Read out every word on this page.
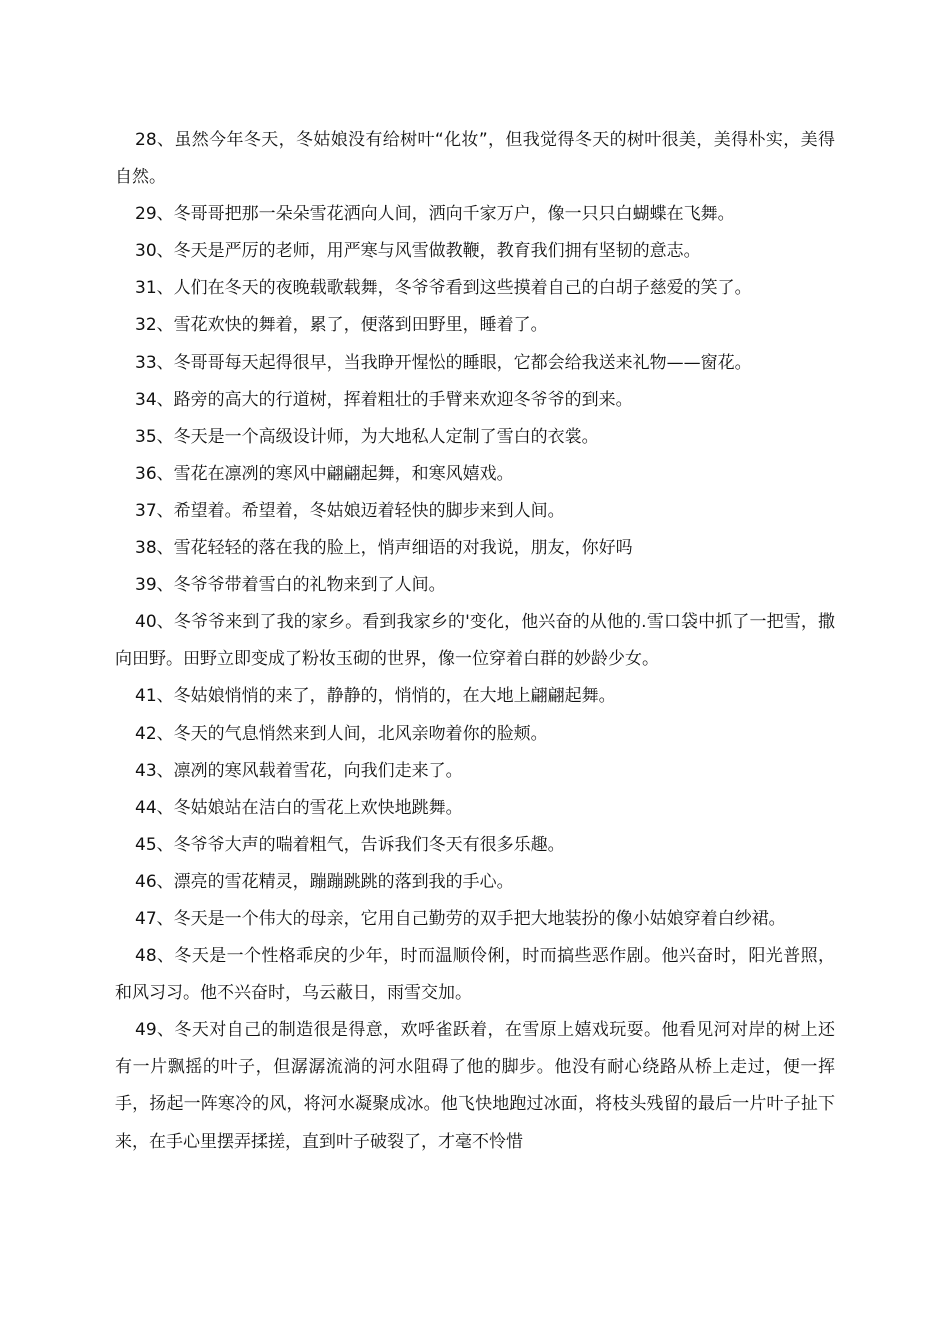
28、虽然今年冬天，冬姑娘没有给树叶“化妆”，但我觉得冬天的树叶很美，美得朴实，美得自然。

29、冬哥哥把那一朵朵雪花洒向人间，洒向千家万户，像一只只白蝴蝶在飞舞。

30、冬天是严厉的老师，用严寒与风雪做教鞭，教育我们拥有坚韧的意志。

31、人们在冬天的夜晚载歌载舞，冬爷爷看到这些摸着自己的白胡子慈爱的笑了。

32、雪花欢快的舞着，累了，便落到田野里，睡着了。

33、冬哥哥每天起得很早，当我睁开惺忪的睡眼，它都会给我送来礼物——窗花。

34、路旁的高大的行道树，挥着粗壮的手臂来欢迎冬爷爷的到来。

35、冬天是一个高级设计师，为大地私人定制了雪白的衣裳。

36、雪花在凛冽的寒风中翩翩起舞，和寒风嬉戏。

37、希望着。希望着，冬姑娘迈着轻快的脚步来到人间。

38、雪花轻轻的落在我的脸上，悄声细语的对我说，朋友，你好吗

39、冬爷爷带着雪白的礼物来到了人间。

40、冬爷爷来到了我的家乡。看到我家乡的'变化，他兴奋的从他的.雪口袋中抓了一把雪，撒向田野。田野立即变成了粉妆玉砌的世界，像一位穿着白群的妙龄少女。

41、冬姑娘悄悄的来了，静静的，悄悄的，在大地上翩翩起舞。

42、冬天的气息悄然来到人间，北风亲吻着你的脸颊。

43、凛冽的寒风载着雪花，向我们走来了。

44、冬姑娘站在洁白的雪花上欢快地跳舞。

45、冬爷爷大声的喘着粗气，告诉我们冬天有很多乐趣。

46、漂亮的雪花精灵，蹦蹦跳跳的落到我的手心。

47、冬天是一个伟大的母亲，它用自己勤劳的双手把大地装扮的像小姑娘穿着白纱裙。

48、冬天是一个性格乖戾的少年，时而温顺伶俐，时而搞些恶作剧。他兴奋时，阳光普照，和风习习。他不兴奋时，乌云蔽日，雨雪交加。

49、冬天对自己的制造很是得意，欢呼雀跃着，在雪原上嬉戏玩耍。他看见河对岸的树上还有一片飘摇的叶子，但潺潺流淌的河水阻碍了他的脚步。他没有耐心绕路从桥上走过，便一挥手，扬起一阵寒冷的风，将河水凝聚成冰。他飞快地跑过冰面，将枝头残留的最后一片叶子扯下来，在手心里摆弄揉搓，直到叶子破裂了，才毫不怜惜
